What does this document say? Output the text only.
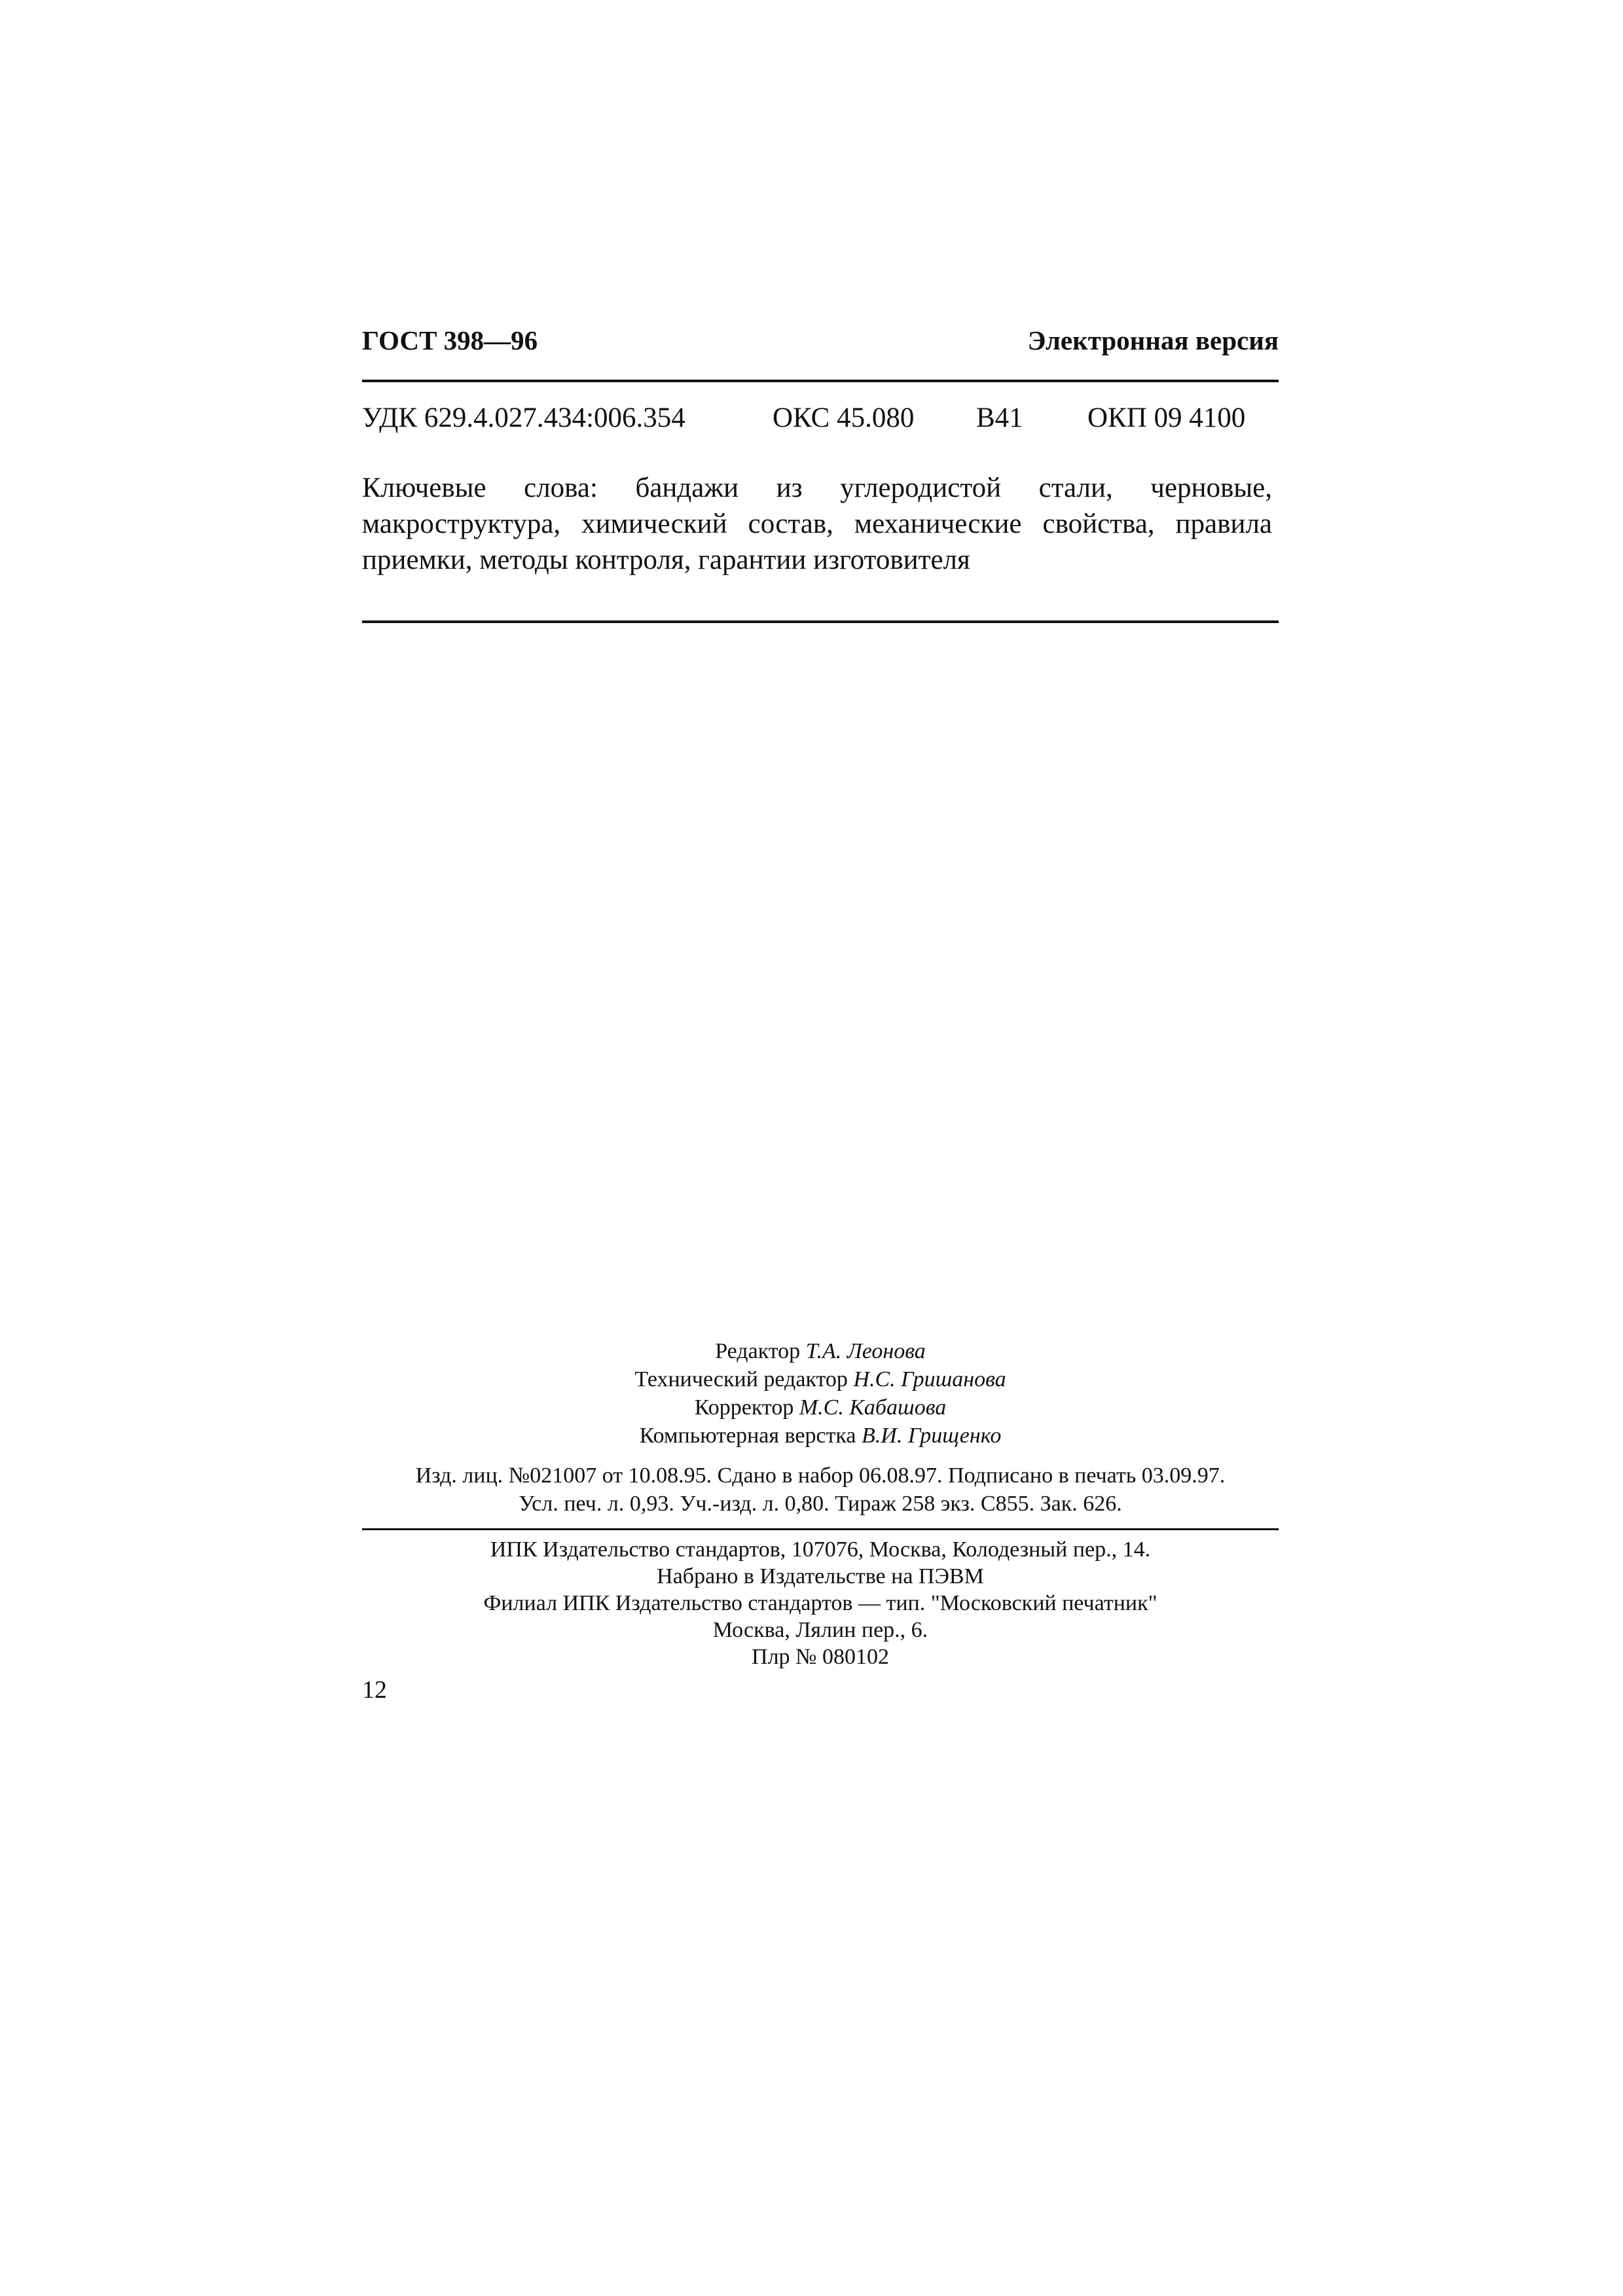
ГОСТ 398—96	Электронная версия
УДК 629.4.027.434:006.354	ОКС 45.080	В41	ОКП 09 4100
Ключевые слова: бандажи из углеродистой стали, черновые, макроструктура, химический состав, механические свойства, правила приемки, методы контроля, гарантии изготовителя
Редактор Т.А. Леонова
Технический редактор Н.С. Гришанова
Корректор М.С. Кабашова
Компьютерная верстка В.И. Грищенко
Изд. лиц. №021007 от 10.08.95. Сдано в набор 06.08.97. Подписано в печать 03.09.97.
Усл. печ. л. 0,93. Уч.-изд. л. 0,80. Тираж 258 экз. С855. Зак. 626.
ИПК Издательство стандартов, 107076, Москва, Колодезный пер., 14.
Набрано в Издательстве на ПЭВМ
Филиал ИПК Издательство стандартов — тип. "Московский печатник"
Москва, Лялин пер., 6.
Плр № 080102
12
